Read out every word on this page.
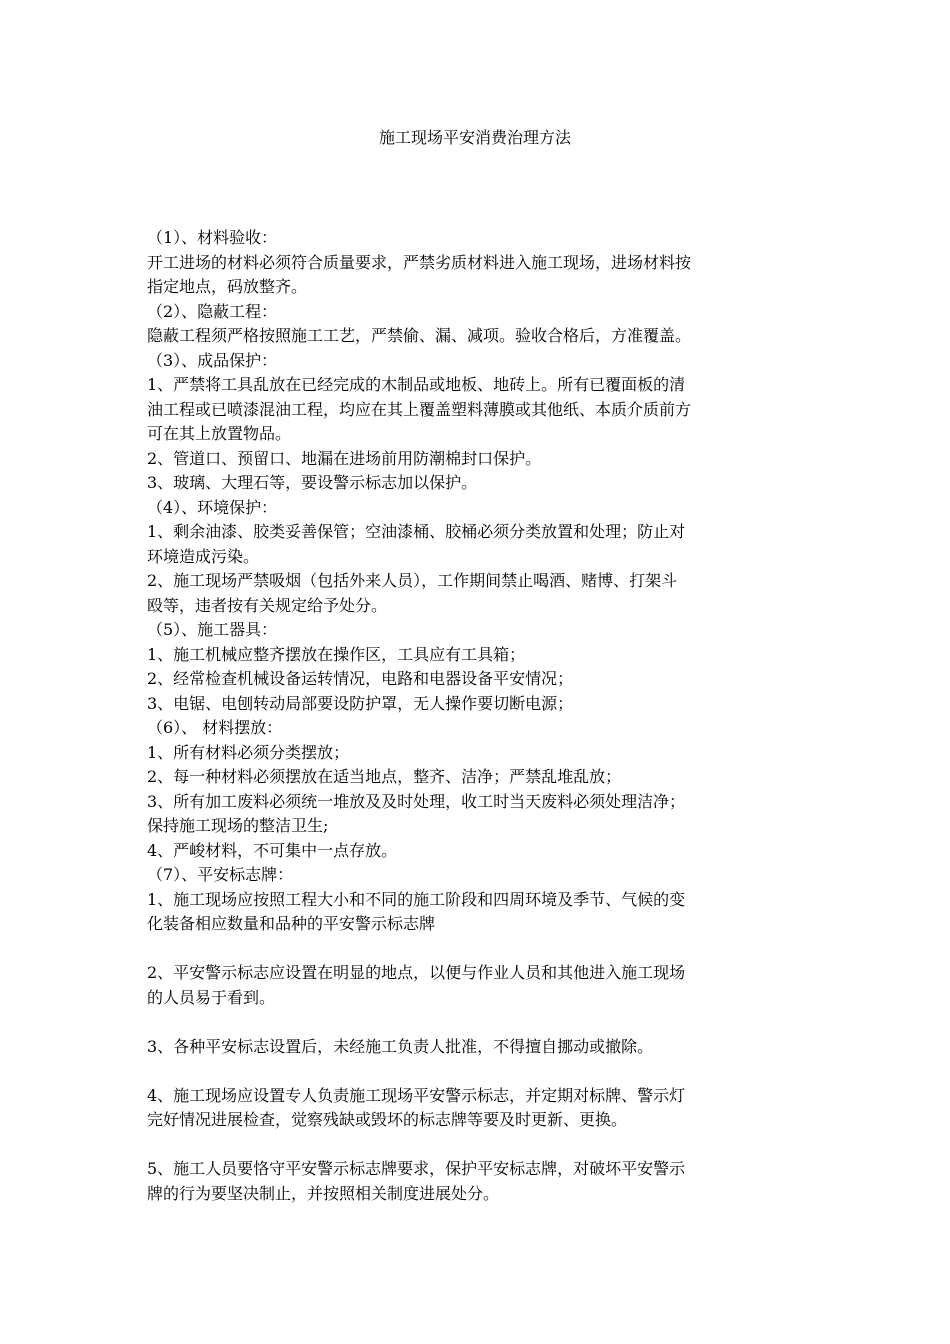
施工现场平安消费治理方法
（1）、材料验收：
开工进场的材料必须符合质量要求，严禁劣质材料进入施工现场，进场材料按
指定地点，码放整齐。
（2）、隐蔽工程：
隐蔽工程须严格按照施工工艺，严禁偷、漏、减项。验收合格后，方准覆盖。
（3）、成品保护：
1、严禁将工具乱放在已经完成的木制品或地板、地砖上。所有已覆面板的清
油工程或已喷漆混油工程，均应在其上覆盖塑料薄膜或其他纸、本质介质前方
可在其上放置物品。
2、管道口、预留口、地漏在进场前用防潮棉封口保护。
3、玻璃、大理石等，要设警示标志加以保护。
（4）、环境保护：
1、剩余油漆、胶类妥善保管；空油漆桶、胶桶必须分类放置和处理；防止对
环境造成污染。
2、施工现场严禁吸烟（包括外来人员），工作期间禁止喝酒、赌博、打架斗
殴等，违者按有关规定给予处分。
（5）、施工器具：
1、施工机械应整齐摆放在操作区，工具应有工具箱；
2、经常检查机械设备运转情况，电路和电器设备平安情况；
3、电锯、电刨转动局部要设防护罩，无人操作要切断电源；
（6）、 材料摆放：
1、所有材料必须分类摆放；
2、每一种材料必须摆放在适当地点，整齐、洁净；严禁乱堆乱放；
3、所有加工废料必须统一堆放及及时处理，收工时当天废料必须处理洁净；
保持施工现场的整洁卫生;
4、严峻材料，不可集中一点存放。
（7）、平安标志牌：
1、施工现场应按照工程大小和不同的施工阶段和四周环境及季节、气候的变
化装备相应数量和品种的平安警示标志牌
2、平安警示标志应设置在明显的地点，以便与作业人员和其他进入施工现场
的人员易于看到。
3、各种平安标志设置后，未经施工负责人批准，不得擅自挪动或撤除。
4、施工现场应设置专人负责施工现场平安警示标志，并定期对标牌、警示灯
完好情况进展检查，觉察残缺或毁坏的标志牌等要及时更新、更换。
5、施工人员要恪守平安警示标志牌要求，保护平安标志牌，对破坏平安警示
牌的行为要坚决制止，并按照相关制度进展处分。
